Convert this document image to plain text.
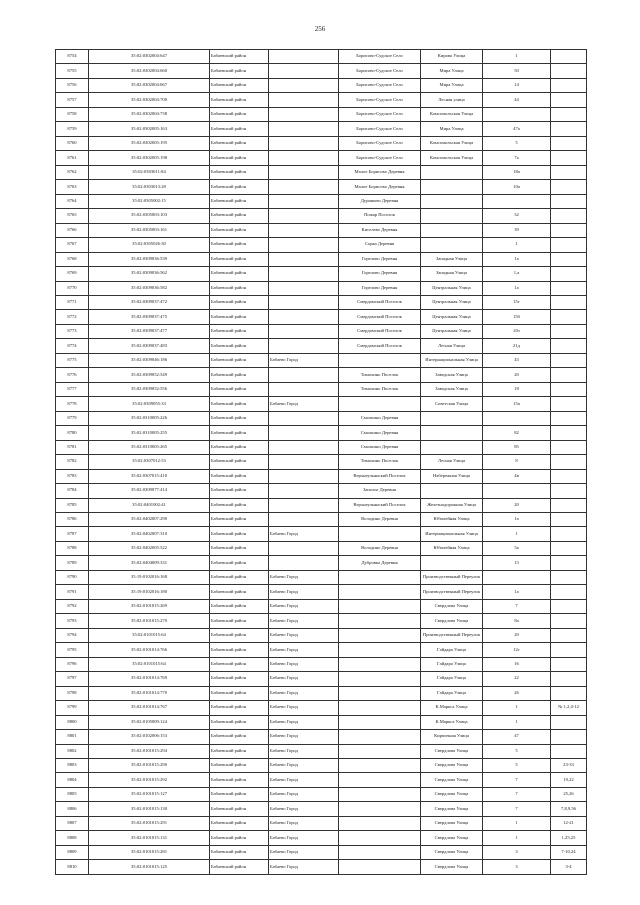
256
8754	35:02:0302004:647	Бабаевский район		Борисово-Судское Село	Кирова Улица	1	
8755	35:02:0302004:660	Бабаевский район		Борисово-Судское Село	Мира Улица	50	
8756	35:02:0302004:667	Бабаевский район		Борисово-Судское Село	Мира Улица	14	
8757	35:02:0302004:700	Бабаевский район		Борисово-Судское Село	Лесная улица	44	
8758	35:02:0302004:738	Бабаевский район		Борисово-Судское Село	Комсомольская Улица		
8759	35:02:0302005:163	Бабаевский район		Борисово-Судское Село	Мира Улица	47а	
8760	35:02:0302005:195	Бабаевский район		Борисово-Судское Село	Комсомольская Улица	5	
8761	35:02:0302005:198	Бабаевский район		Борисово-Судское Село	Комсомольская Улица	7а	
8762	35:02:0303011:84	Бабаевский район		Малое Борисово Деревня		18а	
8763	35:02:0303013:28	Бабаевский район		Малое Борисово Деревня		10а	
8764	35:02:0305002:15	Бабаевский район		Дуршково Деревня			
8765	35:02:0305003:103	Бабаевский район		Пожар Поселок		32	
8766	35:02:0305003:161	Бабаевский район		Киселево Деревня		39	
8767	35:02:0305026:30	Бабаевский район		Сорка Деревня		1	
8768	35:02:0309036:539	Бабаевский район		Горелово Деревня	Западная Улица	1а	
8769	35:02:0309036:562	Бабаевский район		Горелово Деревня	Западная Улица	1,а	
8770	35:02:0309036:582	Бабаевский район		Горелово Деревня	Центральная Улица	1а	
8771	35:02:0309037:472	Бабаевский район		Смердомский Поселок	Центральная Улица	15г	
8772	35:02:0309037:475	Бабаевский район		Смердомский Поселок	Центральная Улица	15б	
8773	35:02:0309037:477	Бабаевский район		Смердомский Поселок	Центральная Улица	20з	
8774	35:02:0309037:483	Бабаевский район		Смердомский Поселок	Лесная Улица	21д	
8775	35:02:0309046:186	Бабаевский район	Бабаево Город		Интернациональная Улица	43	
8776	35:02:0309052:549	Бабаевский район		Тимохино Поселок	Заводская Улица	20	
8777	35:02:0309052:556	Бабаевский район		Тимохино Поселок	Заводская Улица	18	
8778	35:02:0309055:33	Бабаевский район	Бабаево Город		Советская Улица	15а	
8779	35:02:0310005:226	Бабаевский район		Смолкино Деревня			
8780	35:02:0310005:255	Бабаевский район		Смолкино Деревня		82	
8781	35:02:0310005:265	Бабаевский район		Смолкино Деревня		85	
8782	35:02:0307012:53	Бабаевский район		Тимохино Поселок	Лесная Улица	8	
8783	35:02:0307015:410	Бабаевский район		Верхнеульянский Поселок	Набережная Улица	4в	
8784	35:02:0309077:414	Бабаевский район		Заполье Деревня			
8785	35:02:0401002:41	Бабаевский район		Верхнеульянский Поселок	Железнодорожная Улица	20	
8786	35:02:0402007:290	Бабаевский район		Володино Деревня	Юбилейная Улица	1а	
8787	35:02:0402007:310	Бабаевский район	Бабаево Город		Интернациональная Улица	1	
8788	35:02:0402005:522	Бабаевский район		Володино Деревня	Юбилейная Улица	5а	
8789	35:02:0404009:331	Бабаевский район		Дубровка Деревня		13	
8790	35:19:0102016:168	Бабаевский район	Бабаево Город		Производственный Переулок		
8791	35:19:0102016:180	Бабаевский район	Бабаево Город		Производственный Переулок	1а	
8792	35:02:0101015:269	Бабаевский район	Бабаево Город		Свердлова Улица	7	
8793	35:02:0101015:270	Бабаевский район	Бабаево Город		Свердлова Улица	8а	
8794	35:02:0101015:64	Бабаевский район	Бабаево Город		Производственный Переулок	20	
8795	35:02:0101014:766	Бабаевский район	Бабаево Город		Гайдара Улица	12г	
8796	35:02:0101015:64	Бабаевский район	Бабаево Город		Гайдара Улица	16	
8797	35:02:0101014:769	Бабаевский район	Бабаево Город		Гайдара Улица	22	
8798	35:02:0101014:770	Бабаевский район	Бабаево Город		Гайдара Улица	26	
8799	35:02:0101014:767	Бабаевский район	Бабаево Город		К.Маркса Улица	1	№ 1,2,4-12
8800	35:02:0105009:124	Бабаевский район	Бабаево Город		К.Маркса Улица	1	
8801	35:02:0102006:153	Бабаевский район	Бабаево Город		Кирпичная Улица	47	
8802	35:02:0101015:294	Бабаевский район	Бабаево Город		Свердлова Улица	5	
8803	35:02:0101015:290	Бабаевский район	Бабаево Город		Свердлова Улица	5	23-33
8804	35:02:0101015:292	Бабаевский район	Бабаево Город		Свердлова Улица	7	19,22
8805	35:02:0101015:127	Бабаевский район	Бабаево Город		Свердлова Улица	7	25,26
8806	35:02:0101015:130	Бабаевский район	Бабаево Город		Свердлова Улица	7	7,8,9,56
8807	35:02:0101015:291	Бабаевский район	Бабаево Город		Свердлова Улица	1	12-21
8808	35:02:0101015:131	Бабаевский район	Бабаево Город		Свердлова Улица	1	1,25,25
8809	35:02:0101015:281	Бабаевский район	Бабаево Город		Свердлова Улица	3	7-10,24
8810	35:02:0101015:125	Бабаевский район	Бабаево Город		Свердлова Улица	3	3-4
